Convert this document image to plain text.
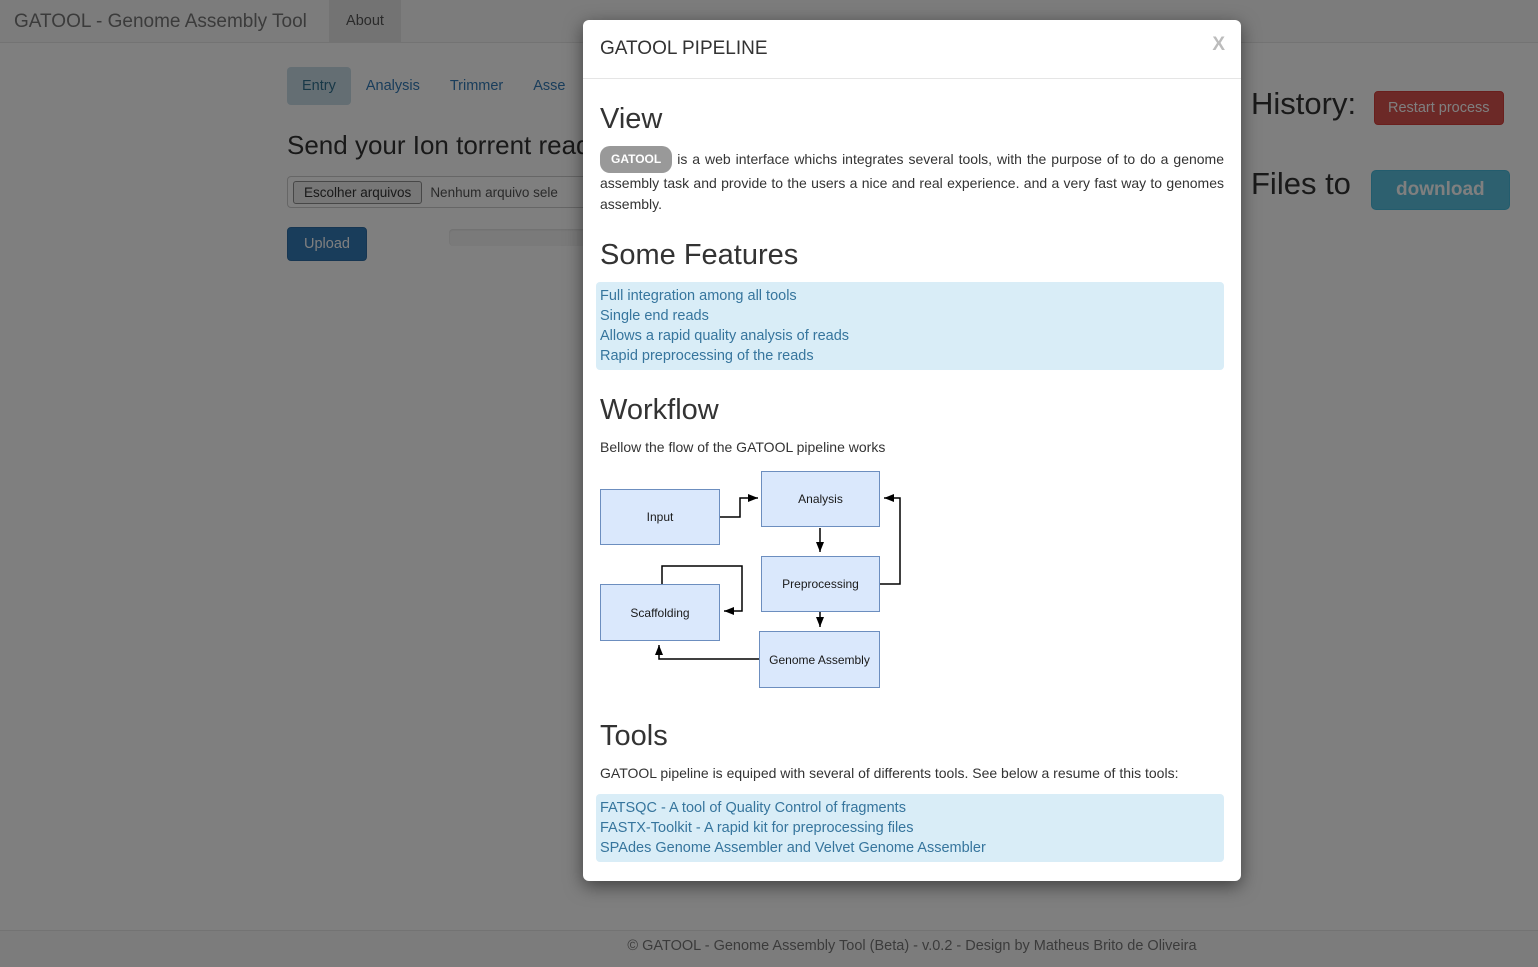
GATOOL PIPELINE	X
View

GATOOL is a web interface whichs integrates several tools, with the purpose of to do a genome assembly task and provide to the users a nice and real experience. and a very fast way to genomes assembly.

Some Features
Full integration among all tools
Single end reads
Allows a rapid quality analysis of reads
Rapid preprocessing of the reads
Workflow

Bellow the flow of the GATOOL pipeline works

Input
Analysis
Preprocessing
Scaffolding
Genome Assembly
Tools

GATOOL pipeline is equiped with several of differents tools. See below a resume of this tools:

FATSQC - A tool of Quality Control of fragments
FASTX-Toolkit - A rapid kit for preprocessing files
SPAdes Genome Assembler and Velvet Genome Assembler
